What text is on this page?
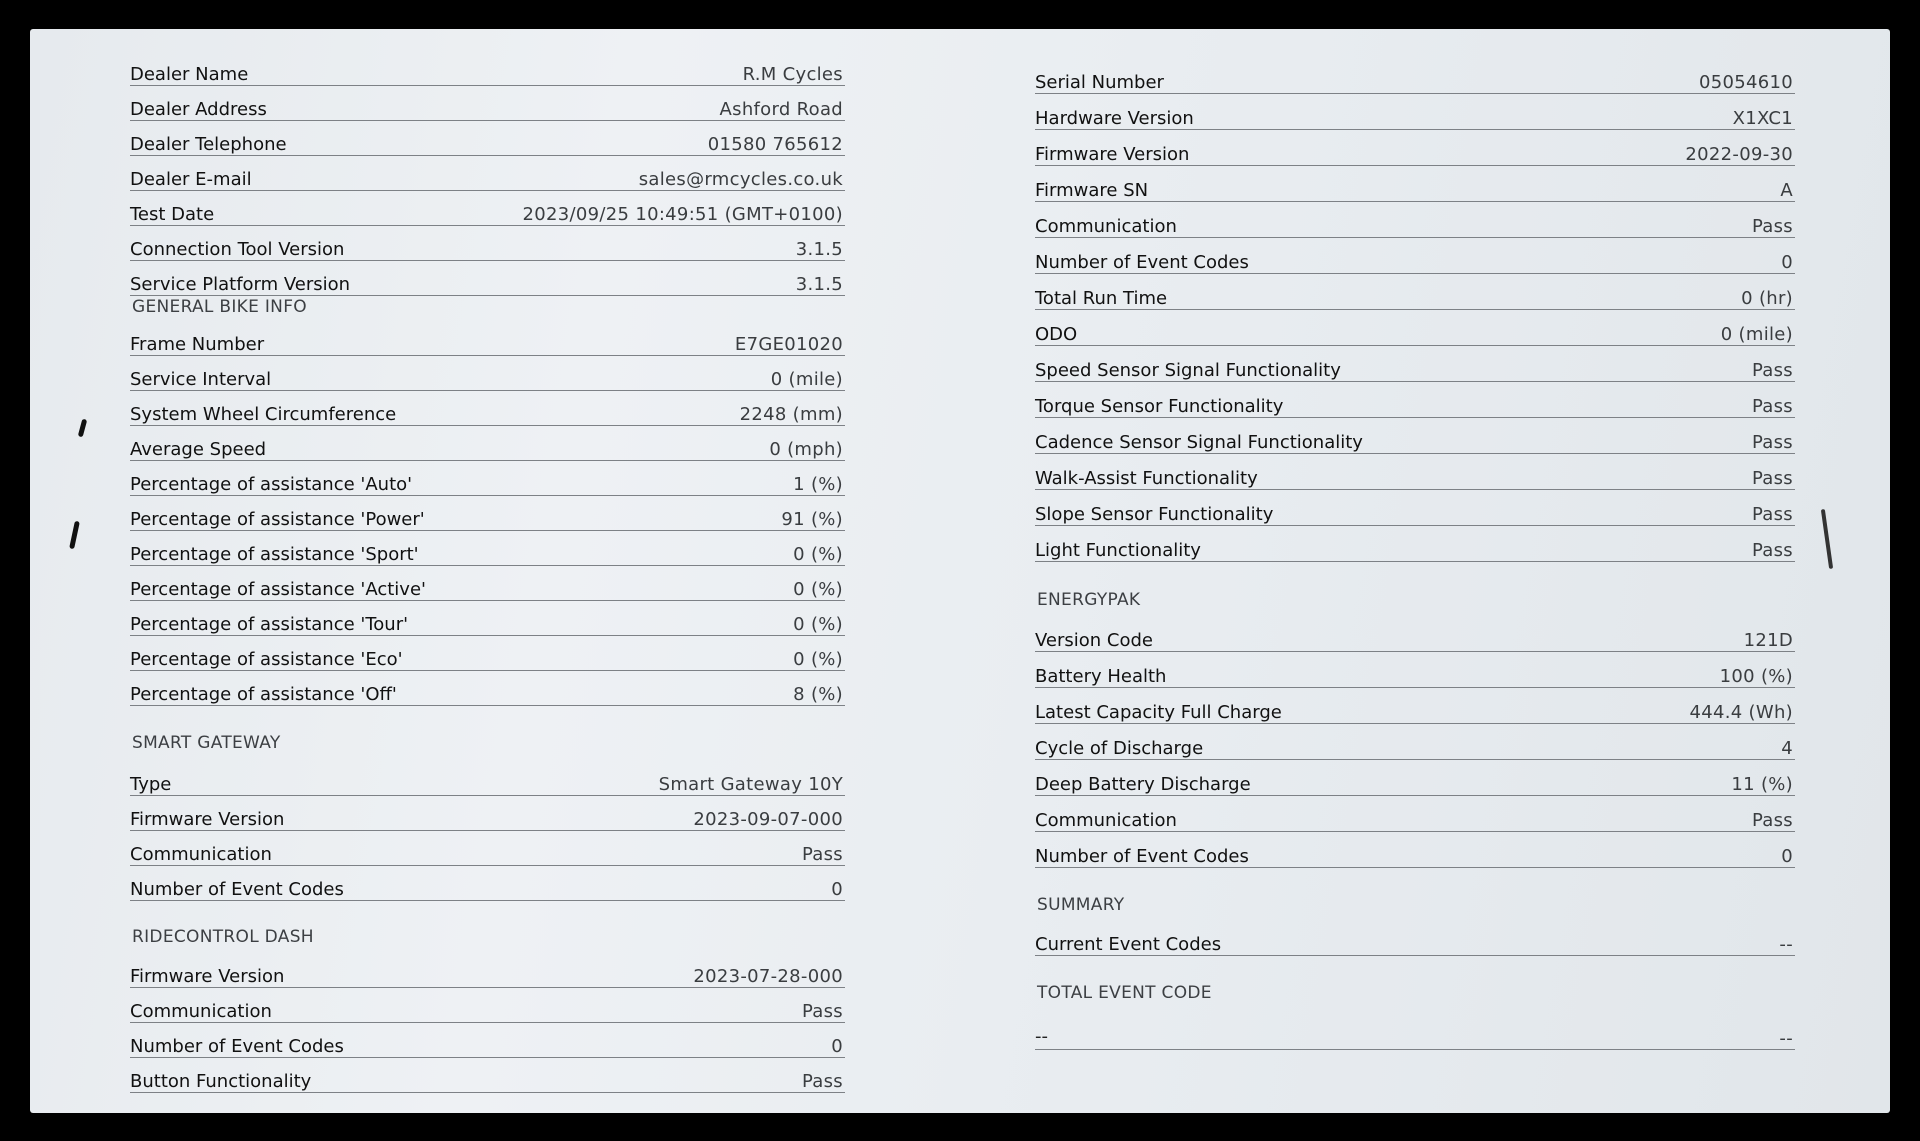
Dealer Name	R.M Cycles
Dealer Address	Ashford Road
Dealer Telephone	01580 765612
Dealer E-mail	sales@rmcycles.co.uk
Test Date	2023/09/25 10:49:51 (GMT+0100)
Connection Tool Version	3.1.5
Service Platform Version	3.1.5
GENERAL BIKE INFO
Frame Number	E7GE01020
Service Interval	0 (mile)
System Wheel Circumference	2248 (mm)
Average Speed	0 (mph)
Percentage of assistance 'Auto'	1 (%)
Percentage of assistance 'Power'	91 (%)
Percentage of assistance 'Sport'	0 (%)
Percentage of assistance 'Active'	0 (%)
Percentage of assistance 'Tour'	0 (%)
Percentage of assistance 'Eco'	0 (%)
Percentage of assistance 'Off'	8 (%)
SMART GATEWAY
Type	Smart Gateway 10Y
Firmware Version	2023-09-07-000
Communication	Pass
Number of Event Codes	0
RIDECONTROL DASH
Firmware Version	2023-07-28-000
Communication	Pass
Number of Event Codes	0
Button Functionality	Pass
Serial Number	05054610
Hardware Version	X1XC1
Firmware Version	2022-09-30
Firmware SN	A
Communication	Pass
Number of Event Codes	0
Total Run Time	0 (hr)
ODO	0 (mile)
Speed Sensor Signal Functionality	Pass
Torque Sensor Functionality	Pass
Cadence Sensor Signal Functionality	Pass
Walk-Assist Functionality	Pass
Slope Sensor Functionality	Pass
Light Functionality	Pass
ENERGYPAK
Version Code	121D
Battery Health	100 (%)
Latest Capacity Full Charge	444.4 (Wh)
Cycle of Discharge	4
Deep Battery Discharge	11 (%)
Communication	Pass
Number of Event Codes	0
SUMMARY
Current Event Codes	--
TOTAL EVENT CODE
--	--
